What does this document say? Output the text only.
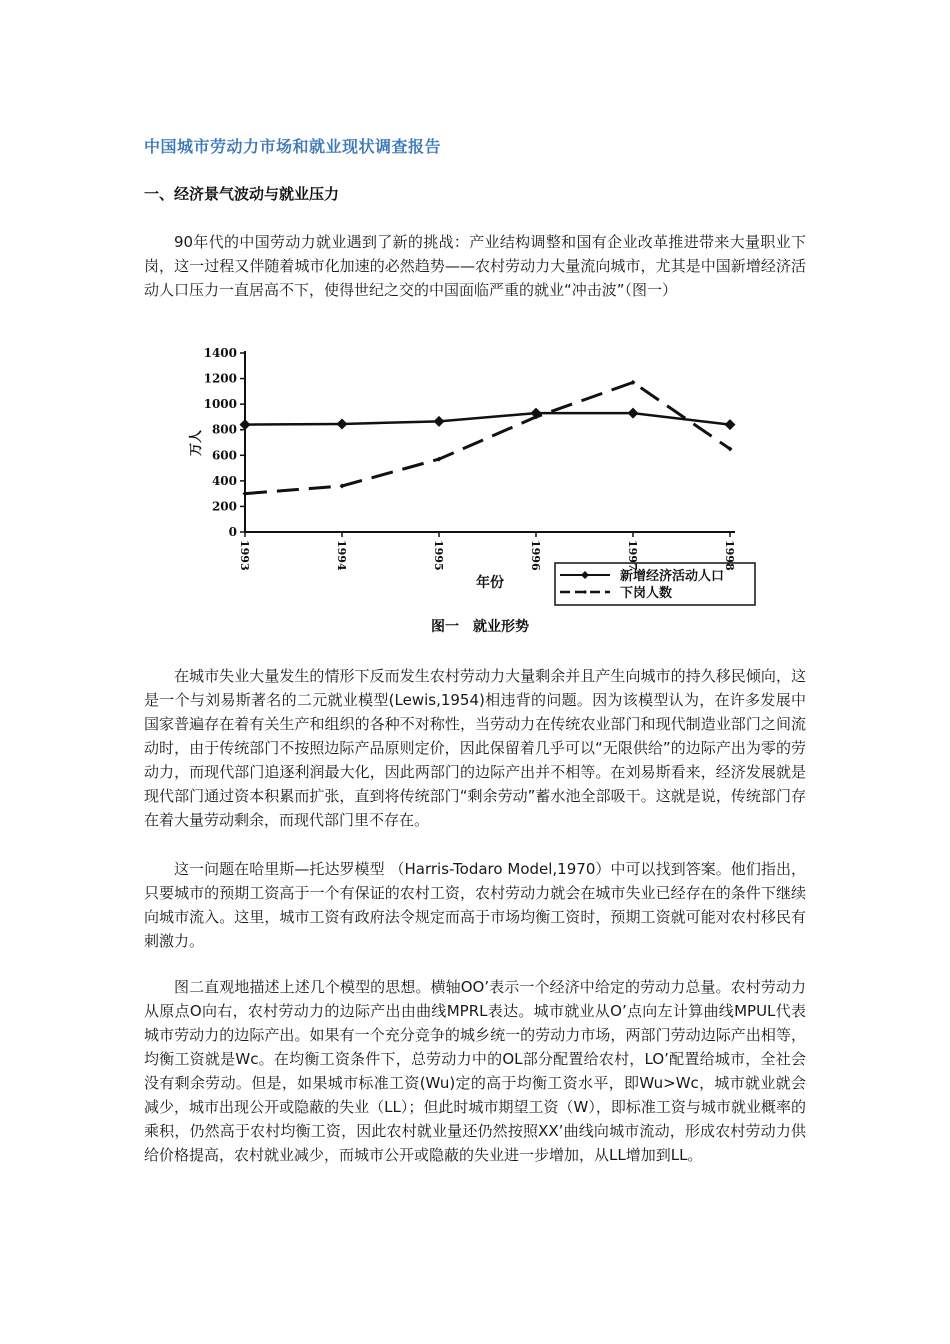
中国城市劳动力市场和就业现状调查报告
一、经济景气波动与就业压力

90年代的中国劳动力就业遇到了新的挑战：产业结构调整和国有企业改革推进带来大量职业下岗，这一过程又伴随着城市化加速的必然趋势——农村劳动力大量流向城市，尤其是中国新增经济活动人口压力一直居高不下，使得世纪之交的中国面临严重的就业“冲击波”（图一）

0
200
400
600
800
1000
1200
1400
1993	1994	1995	1996	1997	1998
万人
年份	新增经济活动人口
下岗人数
图一　就业形势

在城市失业大量发生的情形下反而发生农村劳动力大量剩余并且产生向城市的持久移民倾向，这是一个与刘易斯著名的二元就业模型(Lewis,1954)相违背的问题。因为该模型认为，在许多发展中国家普遍存在着有关生产和组织的各种不对称性，当劳动力在传统农业部门和现代制造业部门之间流动时，由于传统部门不按照边际产品原则定价，因此保留着几乎可以“无限供给”的边际产出为零的劳动力，而现代部门追逐利润最大化，因此两部门的边际产出并不相等。在刘易斯看来，经济发展就是现代部门通过资本积累而扩张，直到将传统部门“剩余劳动”蓄水池全部吸干。这就是说，传统部门存在着大量劳动剩余，而现代部门里不存在。

这一问题在哈里斯—托达罗模型 （Harris-Todaro Model,1970）中可以找到答案。他们指出，只要城市的预期工资高于一个有保证的农村工资，农村劳动力就会在城市失业已经存在的条件下继续向城市流入。这里，城市工资有政府法令规定而高于市场均衡工资时，预期工资就可能对农村移民有刺激力。

图二直观地描述上述几个模型的思想。横轴OO’表示一个经济中给定的劳动力总量。农村劳动力从原点O向右，农村劳动力的边际产出由曲线MPRL表达。城市就业从O’点向左计算曲线MPUL代表城市劳动力的边际产出。如果有一个充分竞争的城乡统一的劳动力市场，两部门劳动边际产出相等，均衡工资就是Wc。在均衡工资条件下，总劳动力中的OL部分配置给农村，LO’配置给城市，全社会没有剩余劳动。但是，如果城市标准工资(Wu)定的高于均衡工资水平，即Wu>Wc，城市就业就会减少，城市出现公开或隐蔽的失业（LL）；但此时城市期望工资（W），即标准工资与城市就业概率的乘积，仍然高于农村均衡工资，因此农村就业量还仍然按照XX’曲线向城市流动，形成农村劳动力供给价格提高，农村就业减少，而城市公开或隐蔽的失业进一步增加，从LL增加到LL。
